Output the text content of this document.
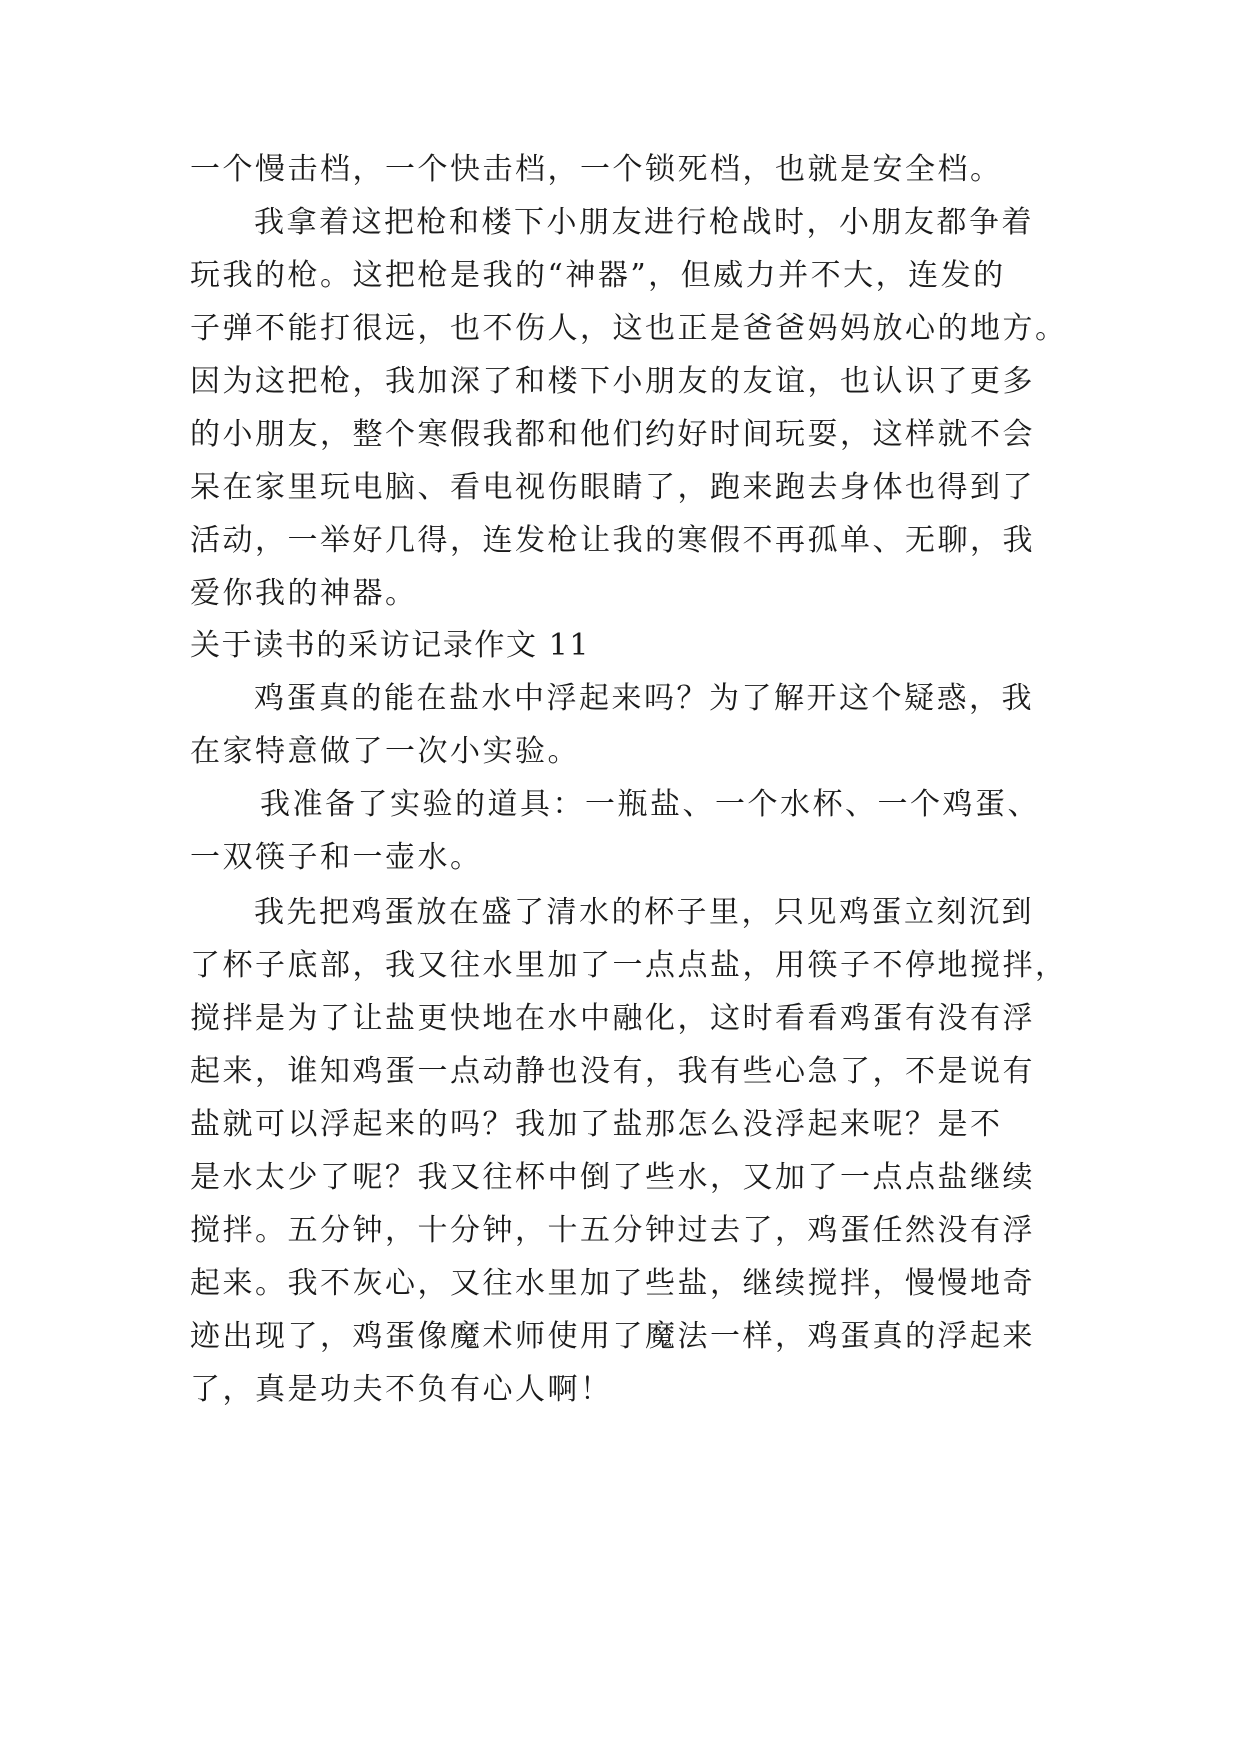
一个慢击档，一个快击档，一个锁死档，也就是安全档。
我拿着这把枪和楼下小朋友进行枪战时，小朋友都争着
玩我的枪。这把枪是我的“神器”，但威力并不大，连发的
子弹不能打很远，也不伤人，这也正是爸爸妈妈放心的地方。
因为这把枪，我加深了和楼下小朋友的友谊，也认识了更多
的小朋友，整个寒假我都和他们约好时间玩耍，这样就不会
呆在家里玩电脑、看电视伤眼睛了，跑来跑去身体也得到了
活动，一举好几得，连发枪让我的寒假不再孤单、无聊，我
爱你我的神器。
关于读书的采访记录作文 11
鸡蛋真的能在盐水中浮起来吗？为了解开这个疑惑，我
在家特意做了一次小实验。
我准备了实验的道具：一瓶盐、一个水杯、一个鸡蛋、
一双筷子和一壶水。
我先把鸡蛋放在盛了清水的杯子里，只见鸡蛋立刻沉到
了杯子底部，我又往水里加了一点点盐，用筷子不停地搅拌，
搅拌是为了让盐更快地在水中融化，这时看看鸡蛋有没有浮
起来，谁知鸡蛋一点动静也没有，我有些心急了，不是说有
盐就可以浮起来的吗？我加了盐那怎么没浮起来呢？是不
是水太少了呢？我又往杯中倒了些水，又加了一点点盐继续
搅拌。五分钟，十分钟，十五分钟过去了，鸡蛋任然没有浮
起来。我不灰心，又往水里加了些盐，继续搅拌，慢慢地奇
迹出现了，鸡蛋像魔术师使用了魔法一样，鸡蛋真的浮起来
了，真是功夫不负有心人啊！
